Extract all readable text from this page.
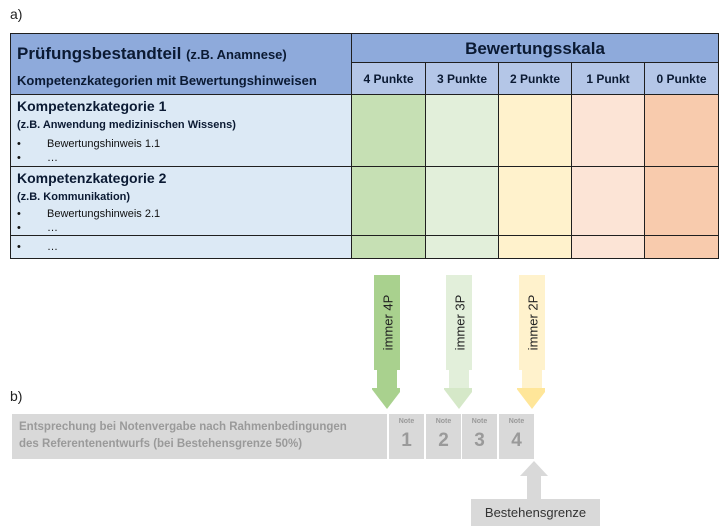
a)
Prüfungsbestandteil (z.B. Anamnese)
Kompetenzkategorien mit Bewertungshinweisen
Bewertungsskala
4 Punkte	3 Punkte	2 Punkte	1 Punkt	0 Punkte
Kompetenzkategorie 1
(z.B. Anwendung medizinischen Wissens)
• Bewertungshinweis 1.1
• …
Kompetenzkategorie 2
(z.B. Kommunikation)
• Bewertungshinweis 2.1
• …
• …
immer 4P	immer 3P	immer 2P
b)
Entsprechung bei Notenvergabe nach Rahmenbedingungen
des Referentenentwurfs (bei Bestehensgrenze 50%)
Note
1
Note
2
Note
3
Note
4
Bestehensgrenze
